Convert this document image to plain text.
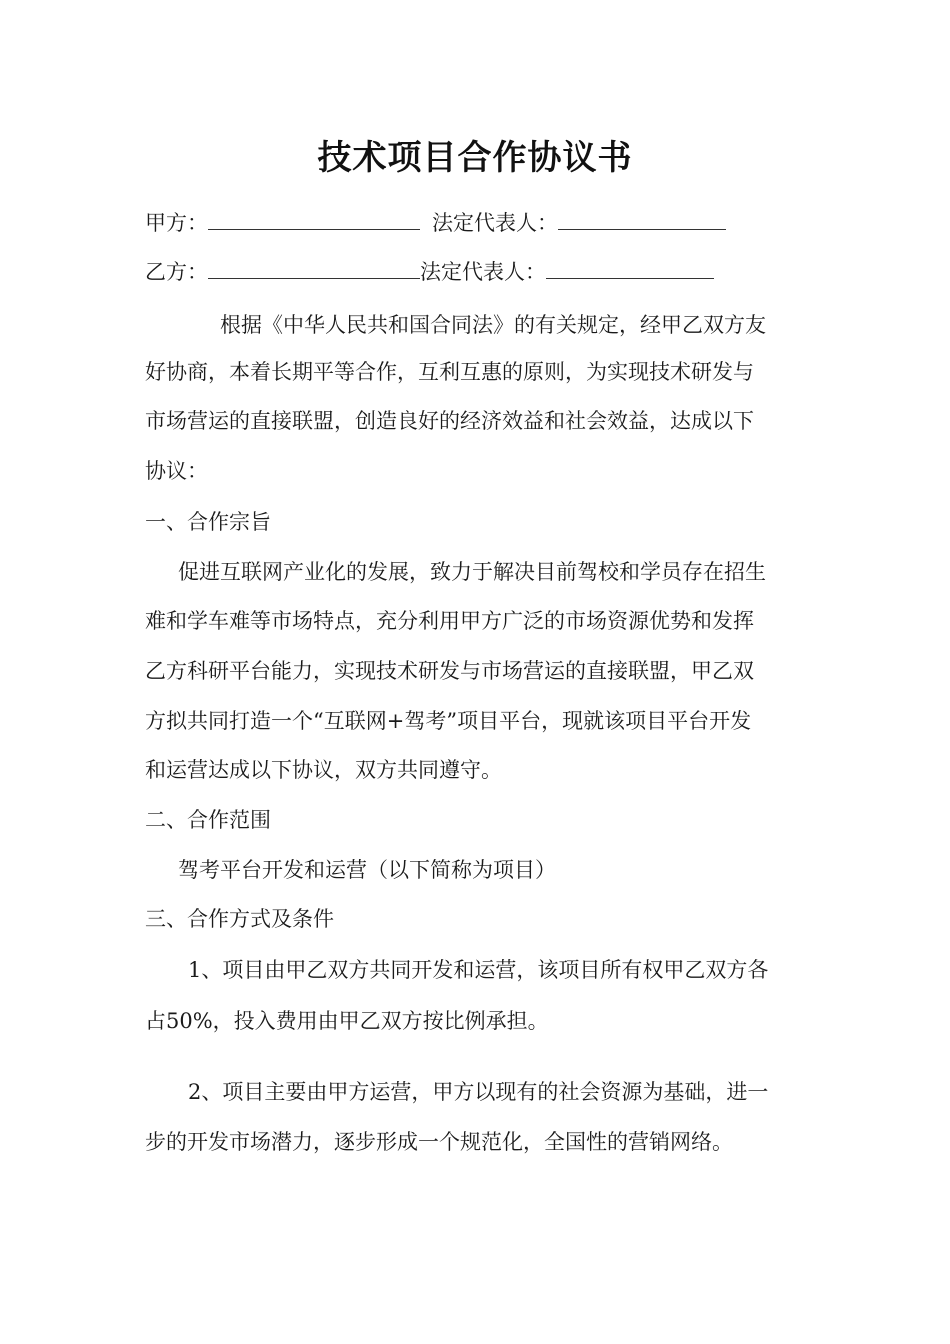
技术项目合作协议书
甲方：	法定代表人：
乙方：	法定代表人：
根据《中华人民共和国合同法》的有关规定，经甲乙双方友
好协商，本着长期平等合作，互利互惠的原则，为实现技术研发与
市场营运的直接联盟，创造良好的经济效益和社会效益，达成以下
协议：
一、合作宗旨
促进互联网产业化的发展，致力于解决目前驾校和学员存在招生
难和学车难等市场特点，充分利用甲方广泛的市场资源优势和发挥
乙方科研平台能力，实现技术研发与市场营运的直接联盟，甲乙双
方拟共同打造一个“互联网+驾考”项目平台，现就该项目平台开发
和运营达成以下协议，双方共同遵守。
二、合作范围
驾考平台开发和运营（以下简称为项目）
三、合作方式及条件
1、项目由甲乙双方共同开发和运营，该项目所有权甲乙双方各
占50%，投入费用由甲乙双方按比例承担。
2、项目主要由甲方运营，甲方以现有的社会资源为基础，进一
步的开发市场潜力，逐步形成一个规范化，全国性的营销网络。
